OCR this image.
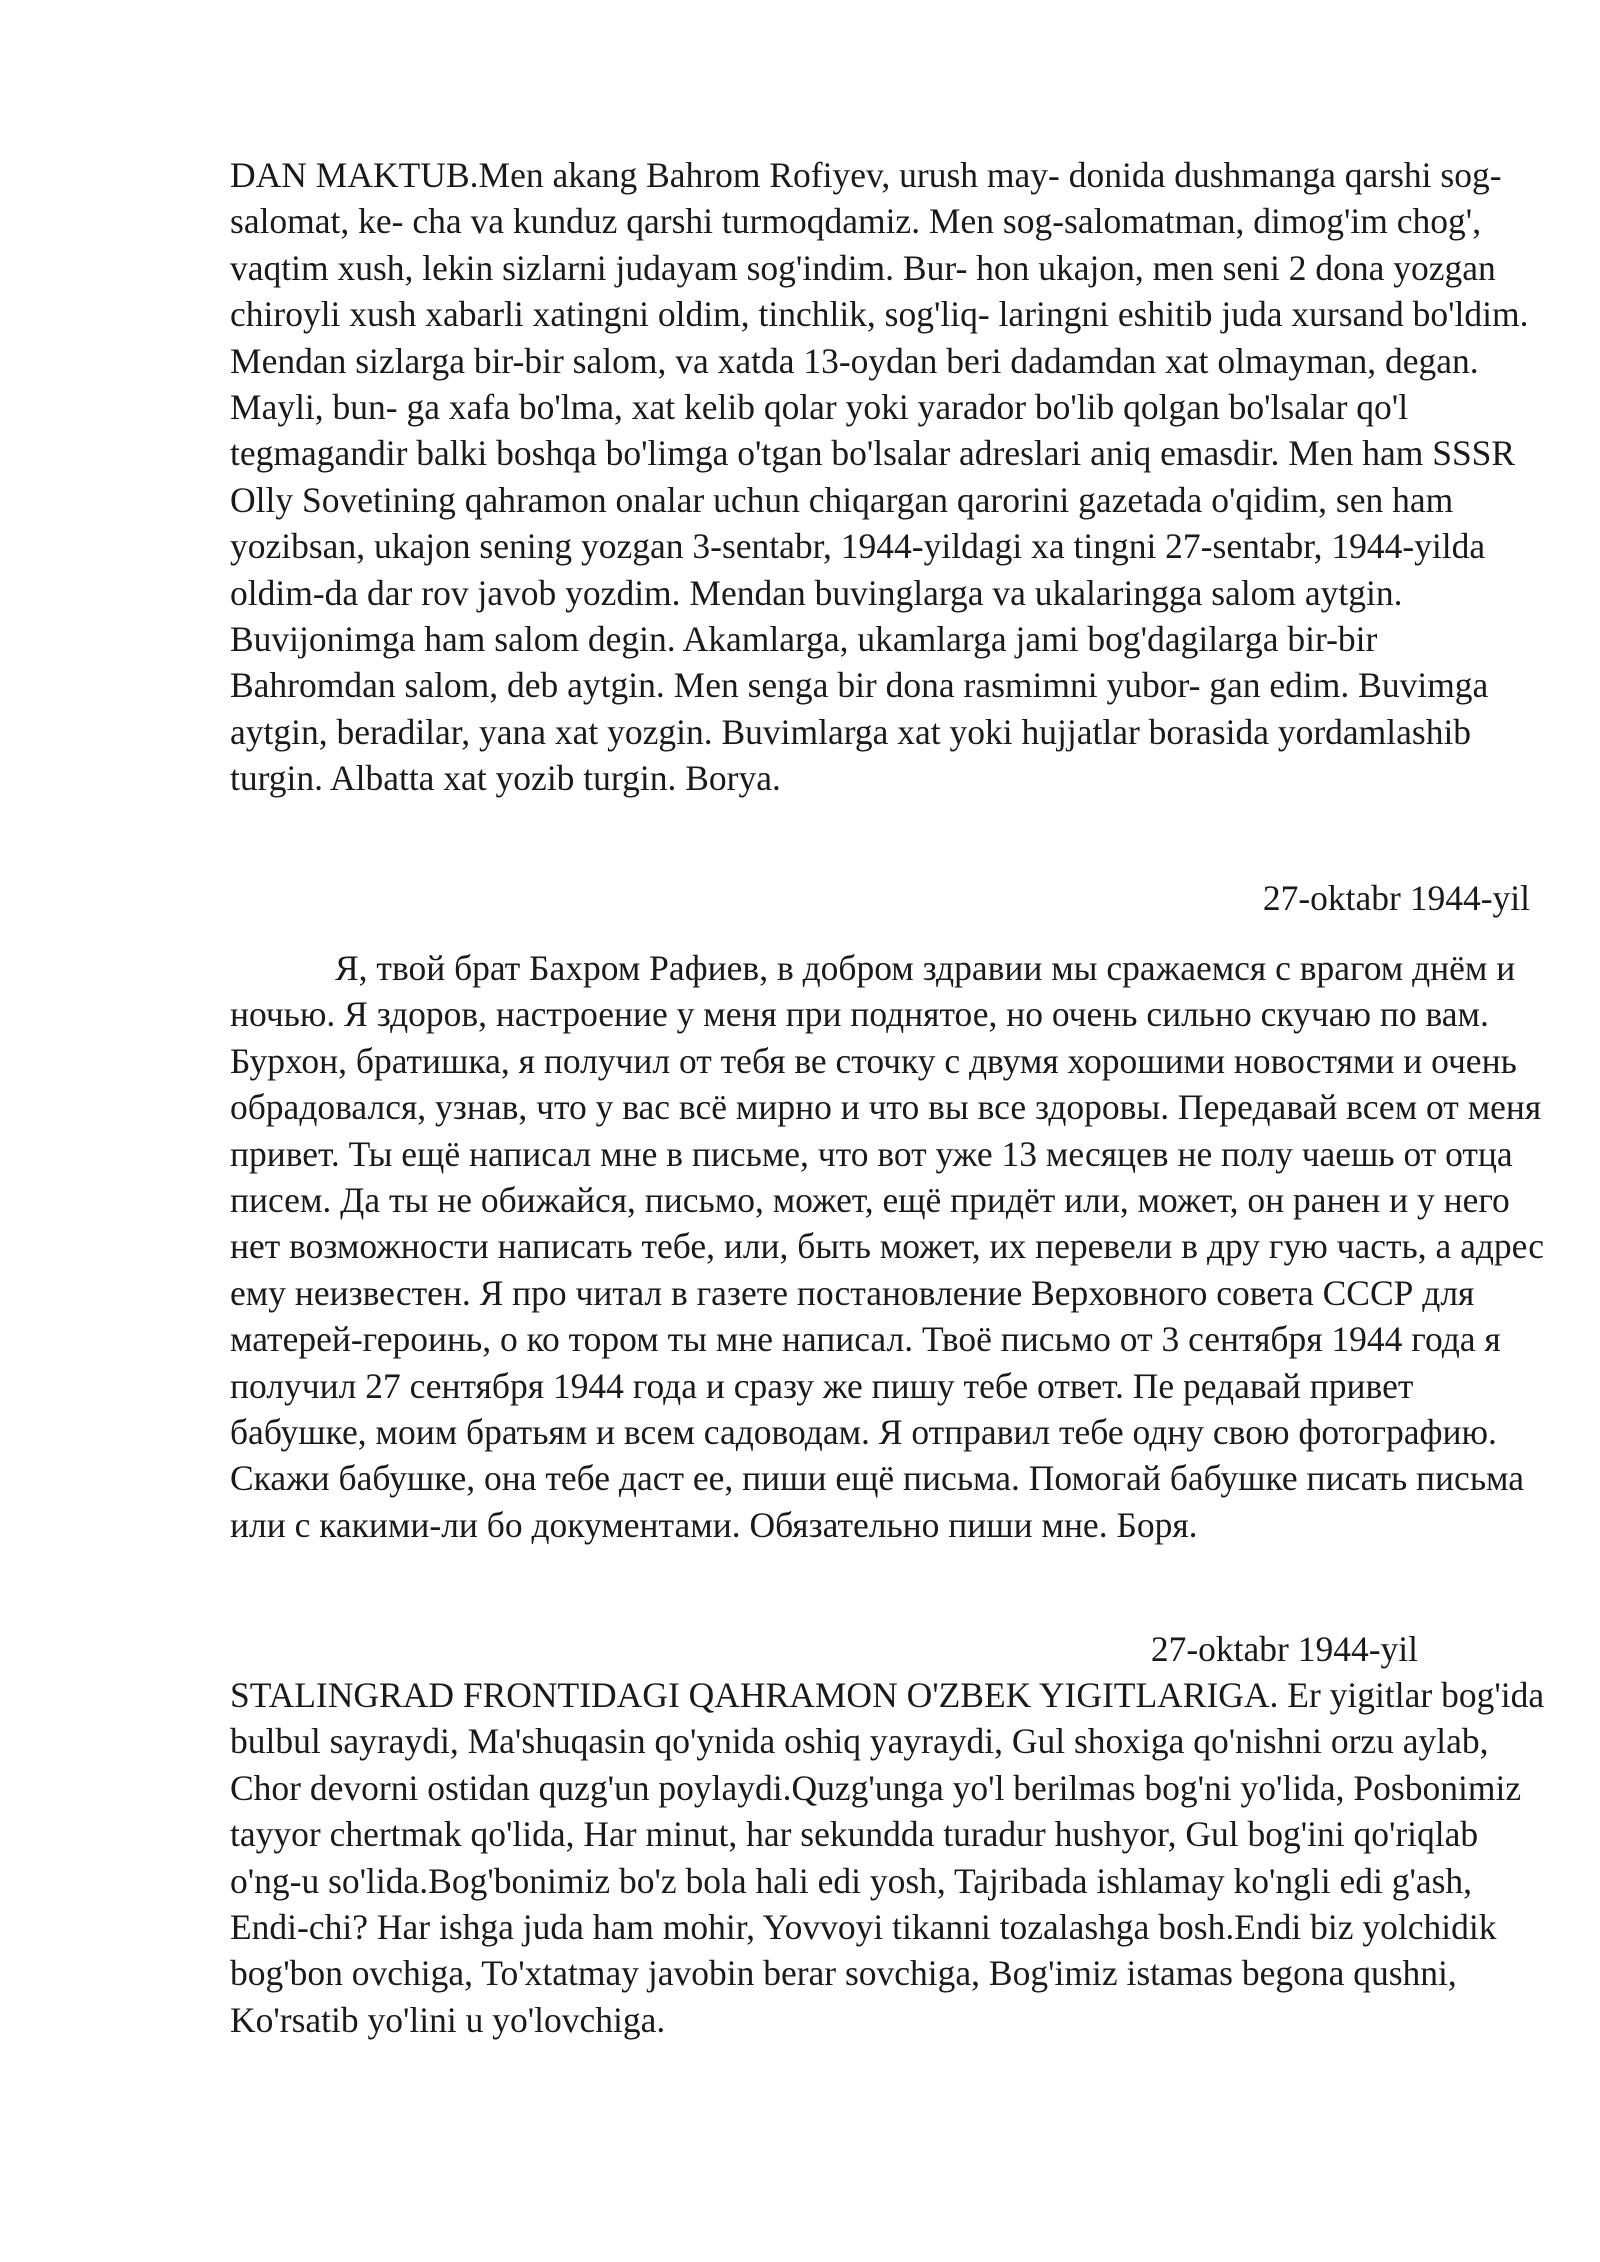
DAN MAKTUB.Men akang Bahrom Rofiyev, urush may- donida dushmanga qarshi sog-salomat, ke- cha va kunduz qarshi turmoqdamiz. Men sog-salomatman, dimog'im chog', vaqtim xush, lekin sizlarni judayam sog'indim. Bur- hon ukajon, men seni 2 dona yozgan chiroyli xush xabarli xatingni oldim, tinchlik, sog'liq- laringni eshitib juda xursand bo'ldim. Mendan sizlarga bir-bir salom, va xatda 13-oydan beri dadamdan xat olmayman, degan. Mayli, bun- ga xafa bo'lma, xat kelib qolar yoki yarador bo'lib qolgan bo'lsalar qo'l tegmagandir balki boshqa bo'limga o'tgan bo'lsalar adreslari aniq emasdir. Men ham SSSR Olly Sovetining qahramon onalar uchun chiqargan qarorini gazetada o'qidim, sen ham yozibsan, ukajon sening yozgan 3-sentabr, 1944-yildagi xa tingni 27-sentabr, 1944-yilda oldim-da dar rov javob yozdim. Mendan buvinglarga va ukalaringga salom aytgin. Buvijonimga ham salom degin. Akamlarga, ukamlarga jami bog'dagilarga bir-bir Bahromdan salom, deb aytgin. Men senga bir dona rasmimni yubor- gan edim. Buvimga aytgin, beradilar, yana xat yozgin. Buvimlarga xat yoki hujjatlar borasida yordamlashib turgin. Albatta xat yozib turgin. Borya.

27-oktabr 1944-yil

Я, твой брат Бахром Рафиев, в добром здравии мы сражаемся с врагом днём и ночью. Я здоров, настроение у меня при поднятое, но очень сильно скучаю по вам. Бурхон, братишка, я получил от тебя ве сточку с двумя хорошими новостями и очень обрадовался, узнав, что у вас всё мирно и что вы все здоровы. Передавай всем от меня привет. Ты ещё написал мне в письме, что вот уже 13 месяцев не полу чаешь от отца писем. Да ты не обижайся, письмо, может, ещё придёт или, может, он ранен и у него нет возможности написать тебе, или, быть может, их перевели в дру гую часть, а адрес ему неизвестен. Я про читал в газете постановление Верховного совета СССР для матерей-героинь, о ко тором ты мне написал. Твоё письмо от 3 сентября 1944 года я получил 27 сентября 1944 года и сразу же пишу тебе ответ. Пе редавай привет бабушке, моим братьям и всем садоводам. Я отправил тебе одну свою фотографию. Скажи бабушке, она тебе даст ее, пиши ещё письма. Помогай бабушке писать письма или с какими-ли бо документами. Обязательно пиши мне. Боря.

27-oktabr 1944-yil

STALINGRAD FRONTIDAGI QAHRAMON O'ZBEK YIGITLARIGA. Er yigitlar bog'ida bulbul sayraydi, Ma'shuqasin qo'ynida oshiq yayraydi, Gul shoxiga qo'nishni orzu aylab, Chor devorni ostidan quzg'un poylaydi.Quzg'unga yo'l berilmas bog'ni yo'lida, Posbonimiz tayyor chertmak qo'lida, Har minut, har sekundda turadur hushyor, Gul bog'ini qo'riqlab o'ng-u so'lida.Bog'bonimiz bo'z bola hali edi yosh, Tajribada ishlamay ko'ngli edi g'ash, Endi-chi? Har ishga juda ham mohir, Yovvoyi tikanni tozalashga bosh.Endi biz yolchidik bog'bon ovchiga, To'xtatmay javobin berar sovchiga, Bog'imiz istamas begona qushni, Ko'rsatib yo'lini u yo'lovchiga.
